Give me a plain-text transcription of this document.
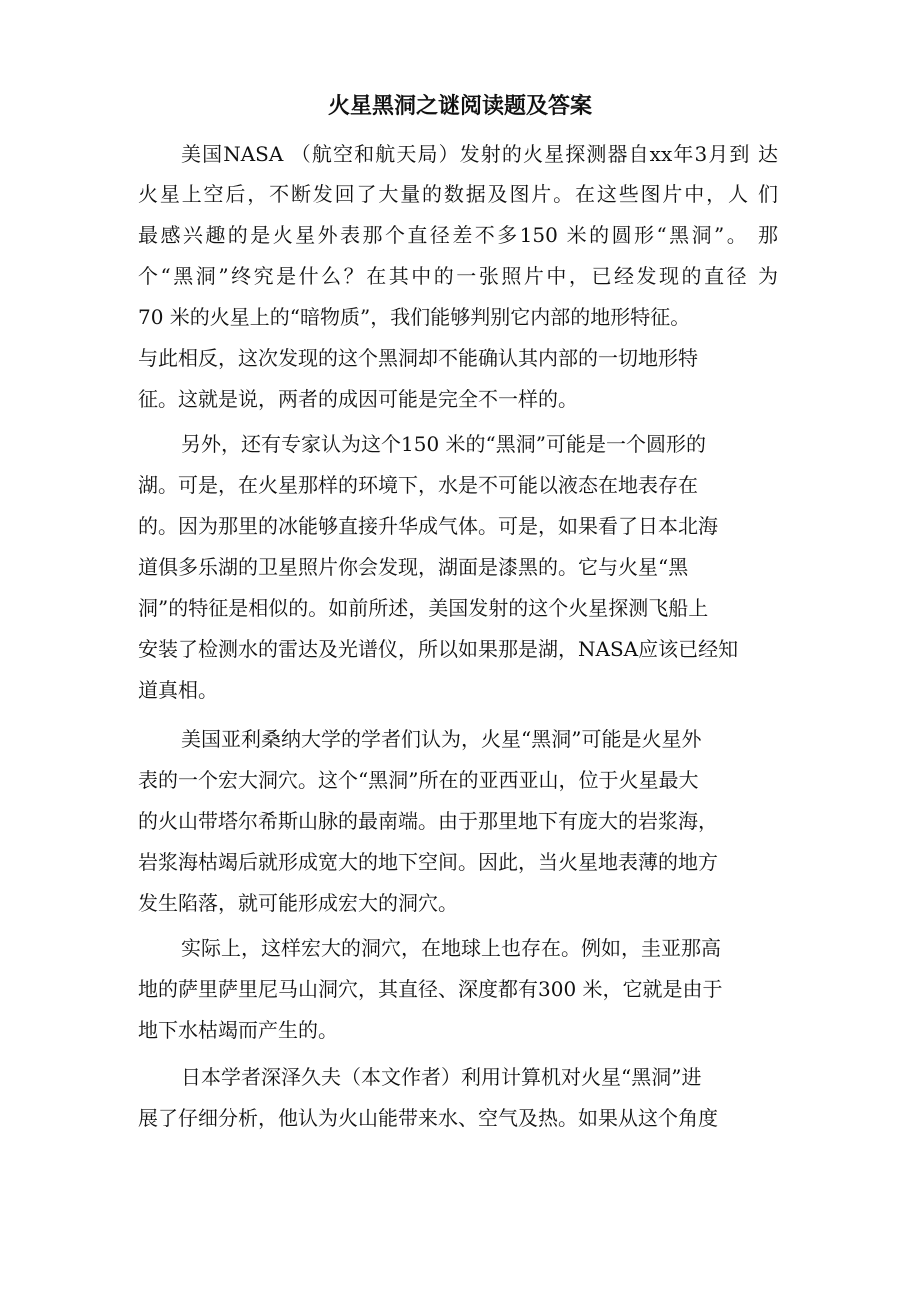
火星黑洞之谜阅读题及答案
美国NASA （航空和航天局）发射的火星探测器自xx年3月到 达
火星上空后，不断发回了大量的数据及图片。在这些图片中，人 们
最感兴趣的是火星外表那个直径差不多150 米的圆形“黑洞”。 那
个“黑洞”终究是什么？在其中的一张照片中，已经发现的直径 为
70 米的火星上的“暗物质”，我们能够判别它内部的地形特征。
与此相反，这次发现的这个黑洞却不能确认其内部的一切地形特
征。这就是说，两者的成因可能是完全不一样的。
另外，还有专家认为这个150 米的“黑洞”可能是一个圆形的
湖。可是，在火星那样的环境下，水是不可能以液态在地表存在
的。因为那里的冰能够直接升华成气体。可是，如果看了日本北海
道俱多乐湖的卫星照片你会发现，湖面是漆黑的。它与火星“黑
洞”的特征是相似的。如前所述，美国发射的这个火星探测飞船上
安装了检测水的雷达及光谱仪，所以如果那是湖，NASA应该已经知
道真相。
美国亚利桑纳大学的学者们认为，火星“黑洞”可能是火星外
表的一个宏大洞穴。这个“黑洞”所在的亚西亚山，位于火星最大
的火山带塔尔希斯山脉的最南端。由于那里地下有庞大的岩浆海，
岩浆海枯竭后就形成宽大的地下空间。因此，当火星地表薄的地方
发生陷落，就可能形成宏大的洞穴。
实际上，这样宏大的洞穴，在地球上也存在。例如，圭亚那高
地的萨里萨里尼马山洞穴，其直径、深度都有300 米，它就是由于
地下水枯竭而产生的。
日本学者深泽久夫（本文作者）利用计算机对火星“黑洞”进
展了仔细分析，他认为火山能带来水、空气及热。如果从这个角度
